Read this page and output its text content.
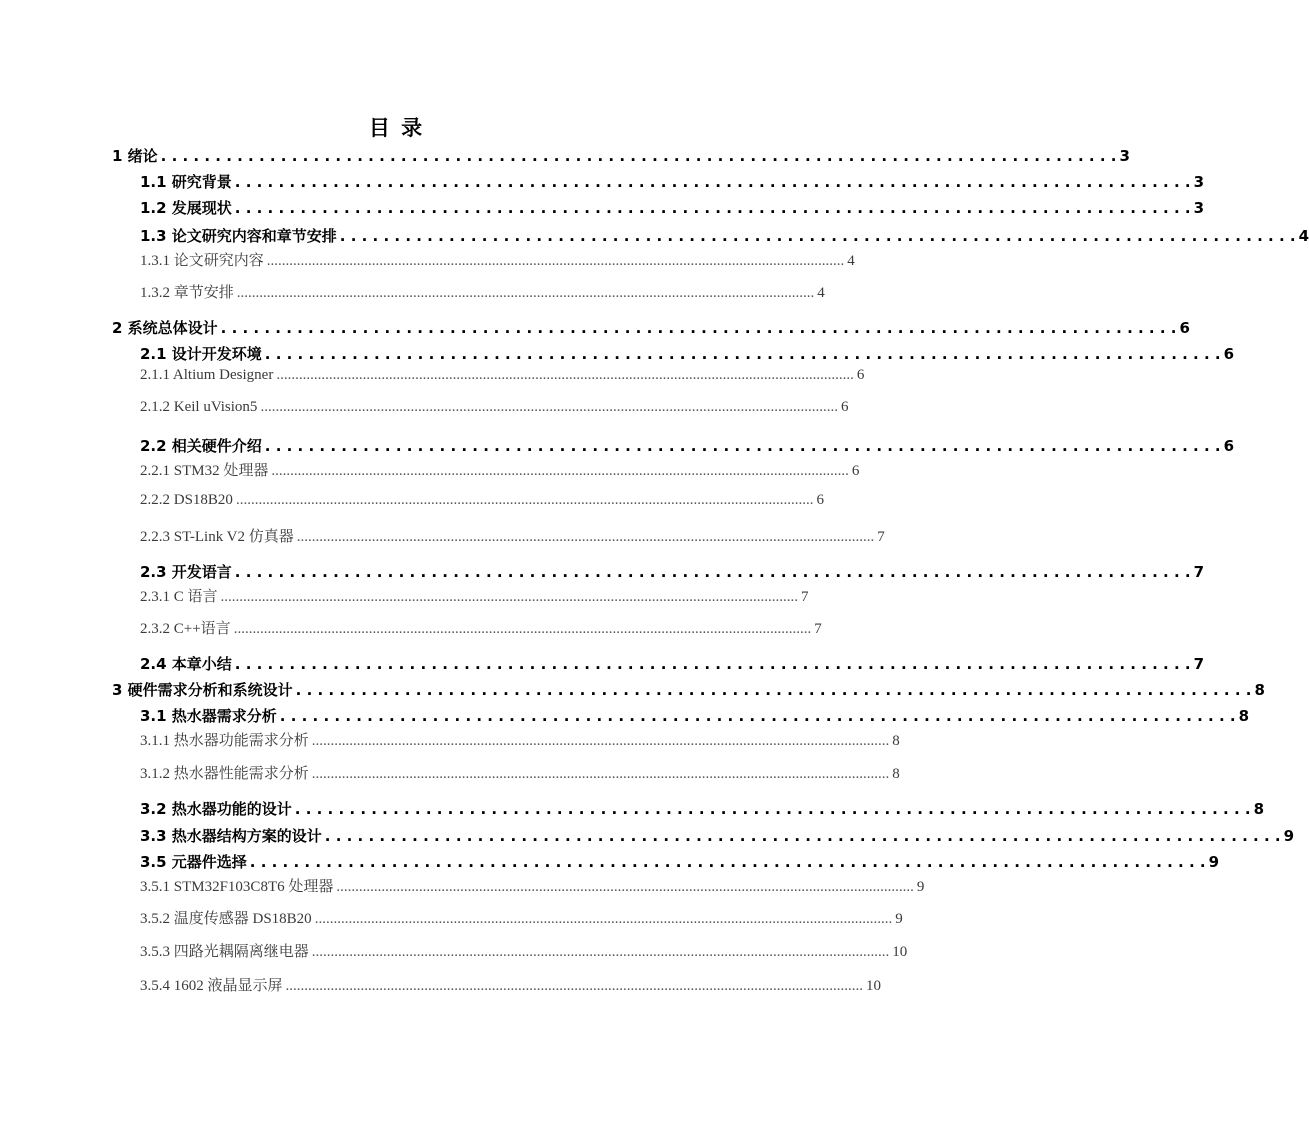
目 录
1 绪论 . . . . . . . . . . . . . . . . . . . . . . . . . . . . . . . . . . . . . . . . . . . . . . . . . . . . . . . . . . . . . . . . . . . . . . . . . . . . . . . . . . . . . . . . 3
1.1 研究背景 . . . . . . . . . . . . . . . . . . . . . . . . . . . . . . . . . . . . . . . . . . . . . . . . . . . . . . . . . . . . . . . . . . . . . . . . . . . . . . . . . . . . . . . . 3
1.2 发展现状 . . . . . . . . . . . . . . . . . . . . . . . . . . . . . . . . . . . . . . . . . . . . . . . . . . . . . . . . . . . . . . . . . . . . . . . . . . . . . . . . . . . . . . . . 3
1.3 论文研究内容和章节安排 . . . . . . . . . . . . . . . . . . . . . . . . . . . . . . . . . . . . . . . . . . . . . . . . . . . . . . . . . . . . . . . . . . . . . . . . . . . . . . . . . . . . . . . . 4
1.3.1 论文研究内容 .......................................................................................................................................................... 4
1.3.2 章节安排 .......................................................................................................................................................... 4
2 系统总体设计 . . . . . . . . . . . . . . . . . . . . . . . . . . . . . . . . . . . . . . . . . . . . . . . . . . . . . . . . . . . . . . . . . . . . . . . . . . . . . . . . . . . . . . . . 6
2.1 设计开发环境 . . . . . . . . . . . . . . . . . . . . . . . . . . . . . . . . . . . . . . . . . . . . . . . . . . . . . . . . . . . . . . . . . . . . . . . . . . . . . . . . . . . . . . . . 6
2.1.1 Altium Designer .......................................................................................................................................................... 6
2.1.2 Keil uVision5 .......................................................................................................................................................... 6
2.2 相关硬件介绍 . . . . . . . . . . . . . . . . . . . . . . . . . . . . . . . . . . . . . . . . . . . . . . . . . . . . . . . . . . . . . . . . . . . . . . . . . . . . . . . . . . . . . . . . 6
2.2.1 STM32 处理器 .......................................................................................................................................................... 6
2.2.2 DS18B20 .......................................................................................................................................................... 6
2.2.3 ST-Link V2 仿真器 .......................................................................................................................................................... 7
2.3 开发语言 . . . . . . . . . . . . . . . . . . . . . . . . . . . . . . . . . . . . . . . . . . . . . . . . . . . . . . . . . . . . . . . . . . . . . . . . . . . . . . . . . . . . . . . . 7
2.3.1 C 语言 .......................................................................................................................................................... 7
2.3.2 C++语言 .......................................................................................................................................................... 7
2.4 本章小结 . . . . . . . . . . . . . . . . . . . . . . . . . . . . . . . . . . . . . . . . . . . . . . . . . . . . . . . . . . . . . . . . . . . . . . . . . . . . . . . . . . . . . . . . 7
3 硬件需求分析和系统设计 . . . . . . . . . . . . . . . . . . . . . . . . . . . . . . . . . . . . . . . . . . . . . . . . . . . . . . . . . . . . . . . . . . . . . . . . . . . . . . . . . . . . . . . . 8
3.1 热水器需求分析 . . . . . . . . . . . . . . . . . . . . . . . . . . . . . . . . . . . . . . . . . . . . . . . . . . . . . . . . . . . . . . . . . . . . . . . . . . . . . . . . . . . . . . . . 8
3.1.1 热水器功能需求分析 .......................................................................................................................................................... 8
3.1.2 热水器性能需求分析 .......................................................................................................................................................... 8
3.2 热水器功能的设计 . . . . . . . . . . . . . . . . . . . . . . . . . . . . . . . . . . . . . . . . . . . . . . . . . . . . . . . . . . . . . . . . . . . . . . . . . . . . . . . . . . . . . . . . 8
3.3 热水器结构方案的设计 . . . . . . . . . . . . . . . . . . . . . . . . . . . . . . . . . . . . . . . . . . . . . . . . . . . . . . . . . . . . . . . . . . . . . . . . . . . . . . . . . . . . . . . . 9
3.5 元器件选择 . . . . . . . . . . . . . . . . . . . . . . . . . . . . . . . . . . . . . . . . . . . . . . . . . . . . . . . . . . . . . . . . . . . . . . . . . . . . . . . . . . . . . . . . 9
3.5.1 STM32F103C8T6 处理器 .......................................................................................................................................................... 9
3.5.2 温度传感器 DS18B20 .......................................................................................................................................................... 9
3.5.3 四路光耦隔离继电器 .......................................................................................................................................................... 10
3.5.4 1602 液晶显示屏 .......................................................................................................................................................... 10
